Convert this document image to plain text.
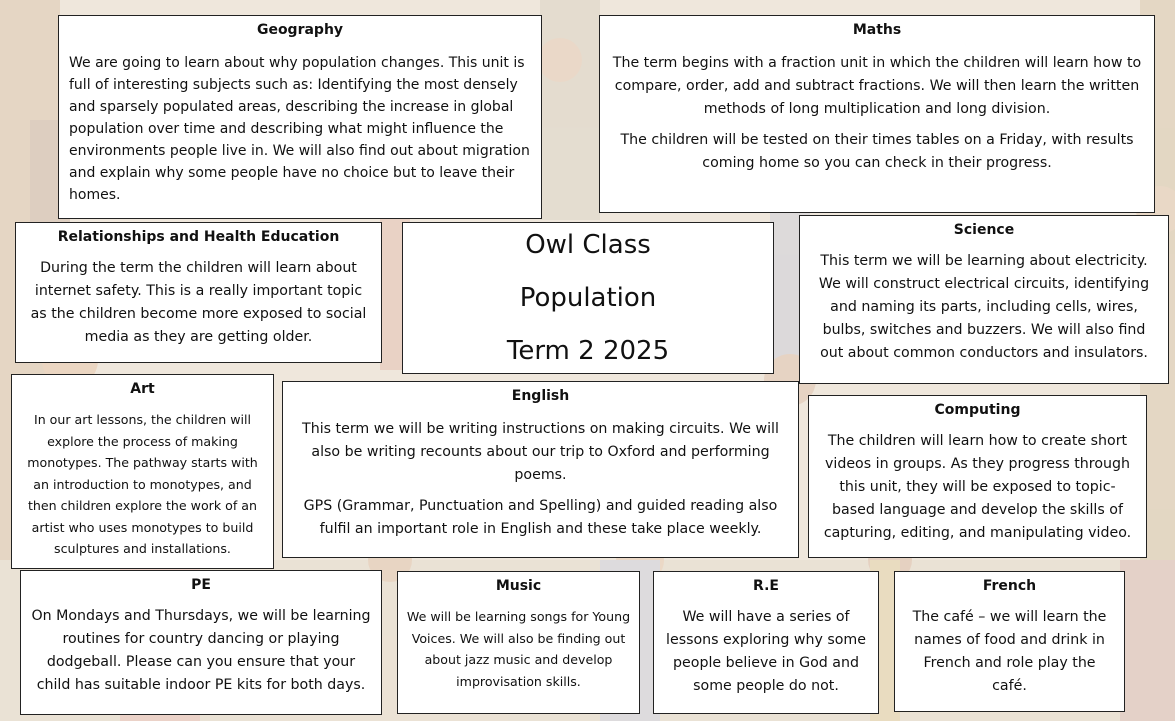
Geography

We are going to learn about why population changes. This unit is full of interesting subjects such as: Identifying the most densely and sparsely populated areas, describing the increase in global population over time and describing what might influence the environments people live in. We will also find out about migration and explain why some people have no choice but to leave their homes.

Maths

The term begins with a fraction unit in which the children will learn how to compare, order, add and subtract fractions. We will then learn the written methods of long multiplication and long division.

The children will be tested on their times tables on a Friday, with results coming home so you can check in their progress.

Relationships and Health Education

During the term the children will learn about internet safety. This is a really important topic as the children become more exposed to social media as they are getting older.

Owl Class
Population
Term 2 2025
Science

This term we will be learning about electricity. We will construct electrical circuits, identifying and naming its parts, including cells, wires, bulbs, switches and buzzers. We will also find out about common conductors and insulators.

Art

In our art lessons, the children will explore the process of making monotypes. The pathway starts with an introduction to monotypes, and then children explore the work of an artist who uses monotypes to build sculptures and installations.

English

This term we will be writing instructions on making circuits. We will also be writing recounts about our trip to Oxford and performing poems.

GPS (Grammar, Punctuation and Spelling) and guided reading also fulfil an important role in English and these take place weekly.

Computing

The children will learn how to create short videos in groups. As they progress through this unit, they will be exposed to topic-based language and develop the skills of capturing, editing, and manipulating video.

PE

On Mondays and Thursdays, we will be learning routines for country dancing or playing dodgeball. Please can you ensure that your child has suitable indoor PE kits for both days.

Music

We will be learning songs for Young Voices. We will also be finding out about jazz music and develop improvisation skills.

R.E

We will have a series of lessons exploring why some people believe in God and some people do not.

French

The café – we will learn the names of food and drink in French and role play the café.
